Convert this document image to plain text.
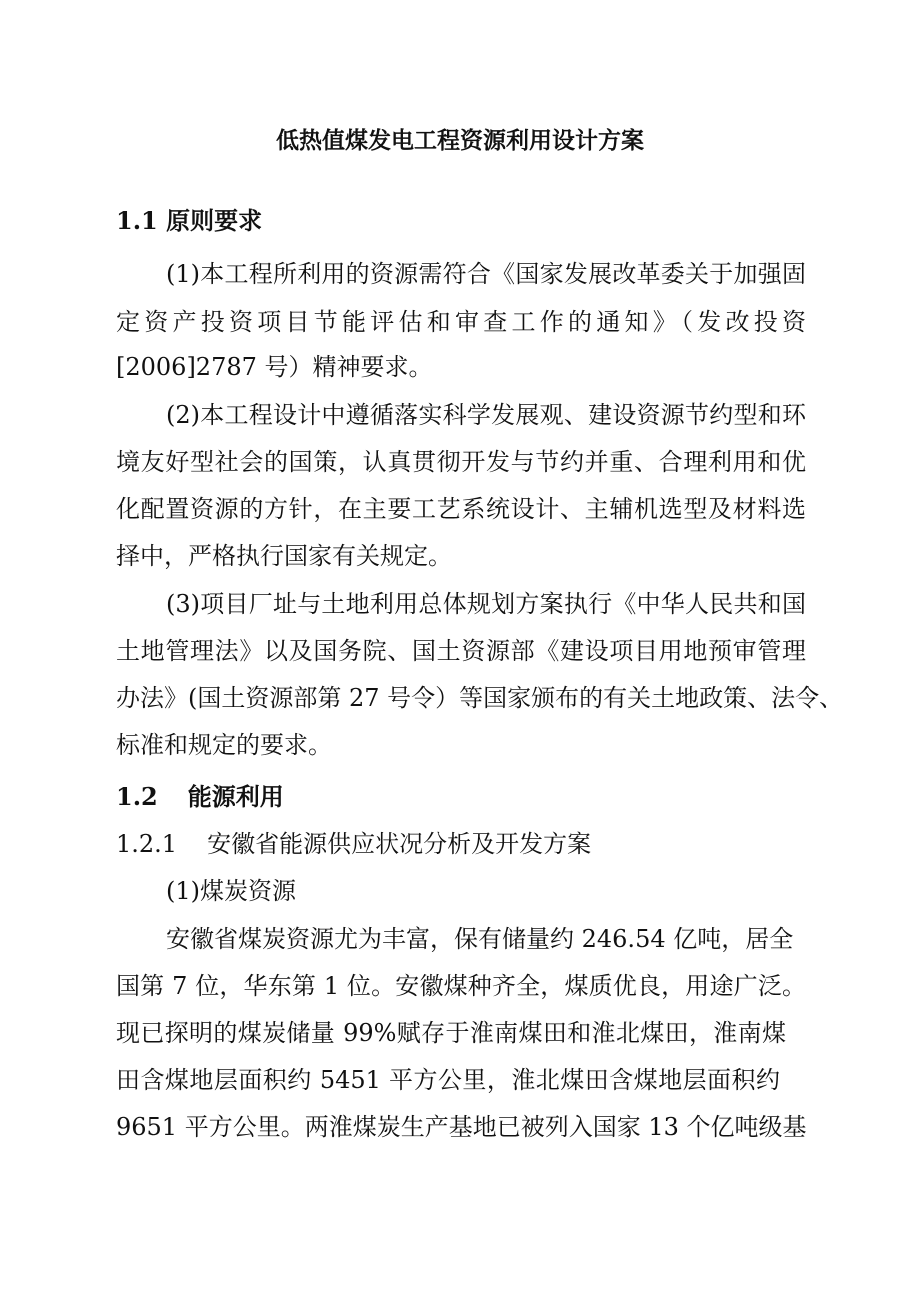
低热值煤发电工程资源利用设计方案
1.1 原则要求
(1)本工程所利用的资源需符合《国家发展改革委关于加强固
定资产投资项目节能评估和审查工作的通知》（发改投资
[2006]2787 号）精神要求。
(2)本工程设计中遵循落实科学发展观、建设资源节约型和环
境友好型社会的国策，认真贯彻开发与节约并重、合理利用和优
化配置资源的方针，在主要工艺系统设计、主辅机选型及材料选
择中，严格执行国家有关规定。
(3)项目厂址与土地利用总体规划方案执行《中华人民共和国
土地管理法》以及国务院、国土资源部《建设项目用地预审管理
办法》(国土资源部第 27 号令）等国家颁布的有关土地政策、法令、
标准和规定的要求。
1.2 能源利用
1.2.1 安徽省能源供应状况分析及开发方案
(1)煤炭资源
安徽省煤炭资源尤为丰富，保有储量约 246.54 亿吨，居全
国第 7 位，华东第 1 位。安徽煤种齐全，煤质优良，用途广泛。
现已探明的煤炭储量 99%赋存于淮南煤田和淮北煤田，淮南煤
田含煤地层面积约 5451 平方公里，淮北煤田含煤地层面积约
9651 平方公里。两淮煤炭生产基地已被列入国家 13 个亿吨级基
